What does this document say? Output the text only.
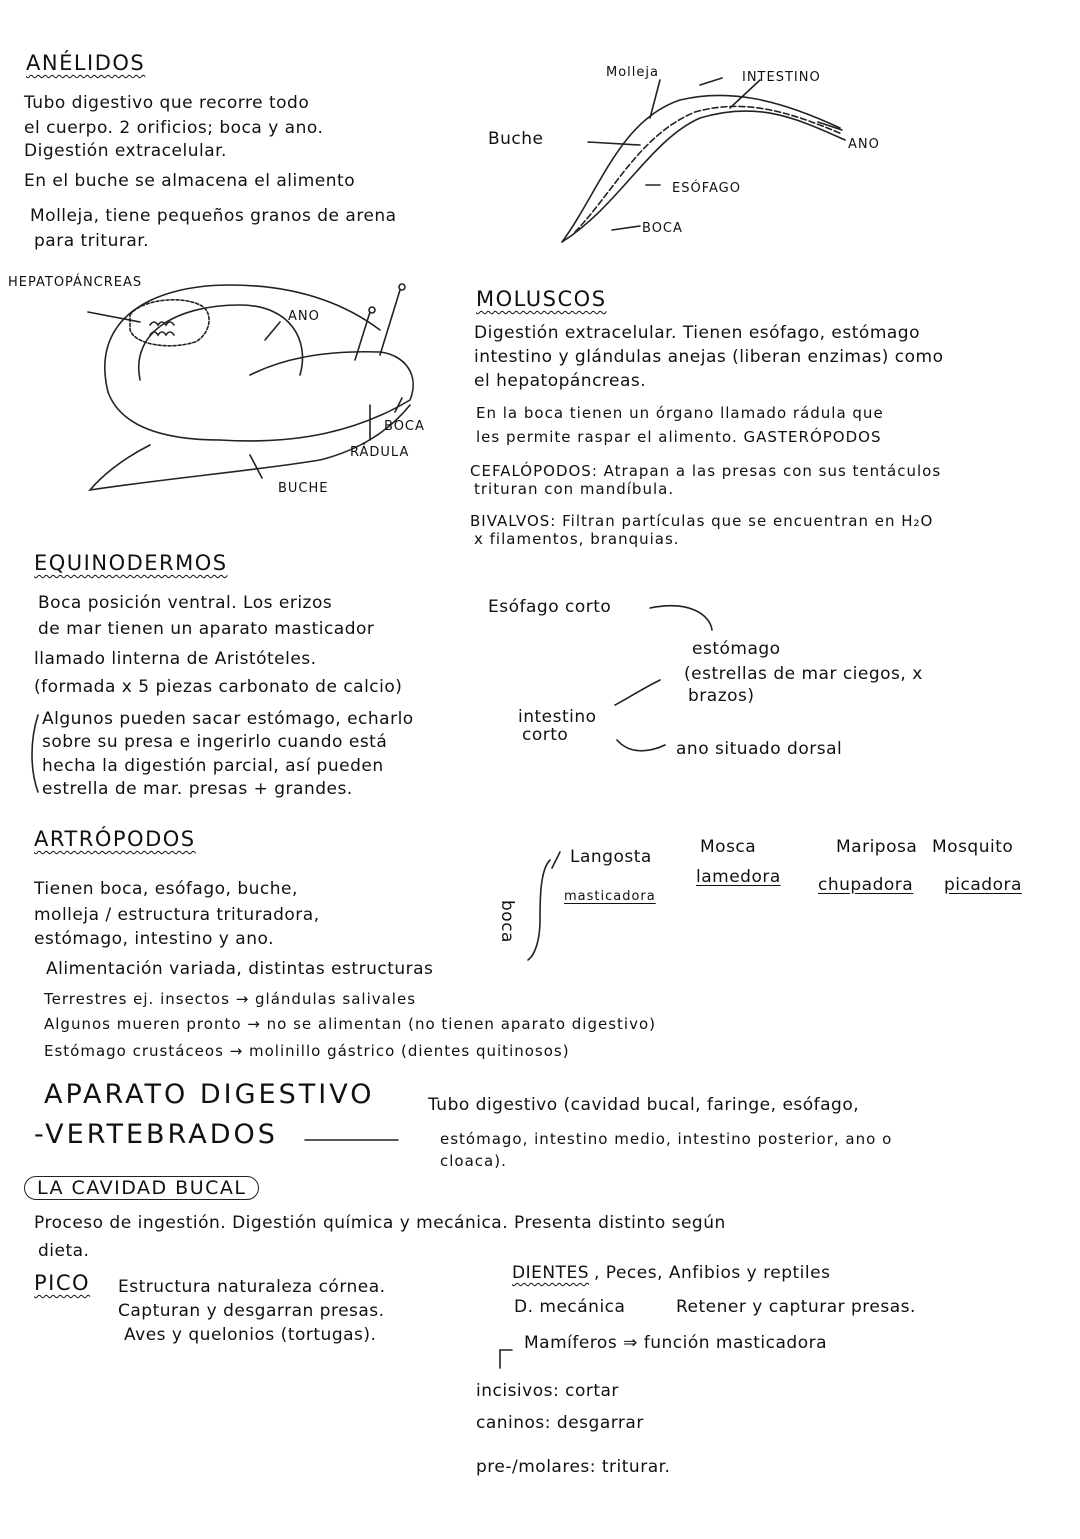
ANÉLIDOS
Tubo digestivo que recorre todo
el cuerpo. 2 orificios; boca y ano.
Digestión extracelular.
En el buche se almacena el alimento
Molleja, tiene pequeños granos de arena
para triturar.
Molleja	INTESTINO
Buche	ANO
ESÓFAGO
BOCA
HEPATOPÁNCREAS
ANO
BOCA
RÁDULA
BUCHE
MOLUSCOS
Digestión extracelular. Tienen esófago, estómago
intestino y glándulas anejas (liberan enzimas) como
el hepatopáncreas.
En la boca tienen un órgano llamado rádula que
les permite raspar el alimento. GASTERÓPODOS
CEFALÓPODOS: Atrapan a las presas con sus tentáculos
trituran con mandíbula.
BIVALVOS: Filtran partículas que se encuentran en H₂O
x filamentos, branquias.
EQUINODERMOS
Boca posición ventral. Los erizos
de mar tienen un aparato masticador
llamado linterna de Aristóteles.
(formada x 5 piezas carbonato de calcio)
Algunos pueden sacar estómago, echarlo
sobre su presa e ingerirlo cuando está
hecha la digestión parcial, así pueden
estrella de mar. presas + grandes.
Esófago corto
estómago
(estrellas de mar ciegos, x
brazos)
intestino
corto
ano situado dorsal
ARTRÓPODOS
Tienen boca, esófago, buche,
molleja / estructura trituradora,
estómago, intestino y ano.
Alimentación variada, distintas estructuras
Terrestres ej. insectos → glándulas salivales
Algunos mueren pronto → no se alimentan (no tienen aparato digestivo)
Estómago crustáceos → molinillo gástrico (dientes quitinosos)
boca
Langosta
masticadora
Mosca
lamedora
Mariposa
chupadora
Mosquito
picadora
APARATO DIGESTIVO
-VERTEBRADOS
Tubo digestivo (cavidad bucal, faringe, esófago,
estómago, intestino medio, intestino posterior, ano o
cloaca).
LA CAVIDAD BUCAL
Proceso de ingestión. Digestión química y mecánica. Presenta distinto según
dieta.
PICO Estructura naturaleza córnea.
Capturan y desgarran presas.
Aves y quelonios (tortugas).
DIENTES , Peces, Anfibios y reptiles
D. mecánica	Retener y capturar presas.
Mamíferos ⇒ función masticadora
incisivos: cortar
caninos: desgarrar
pre-/molares: triturar.
